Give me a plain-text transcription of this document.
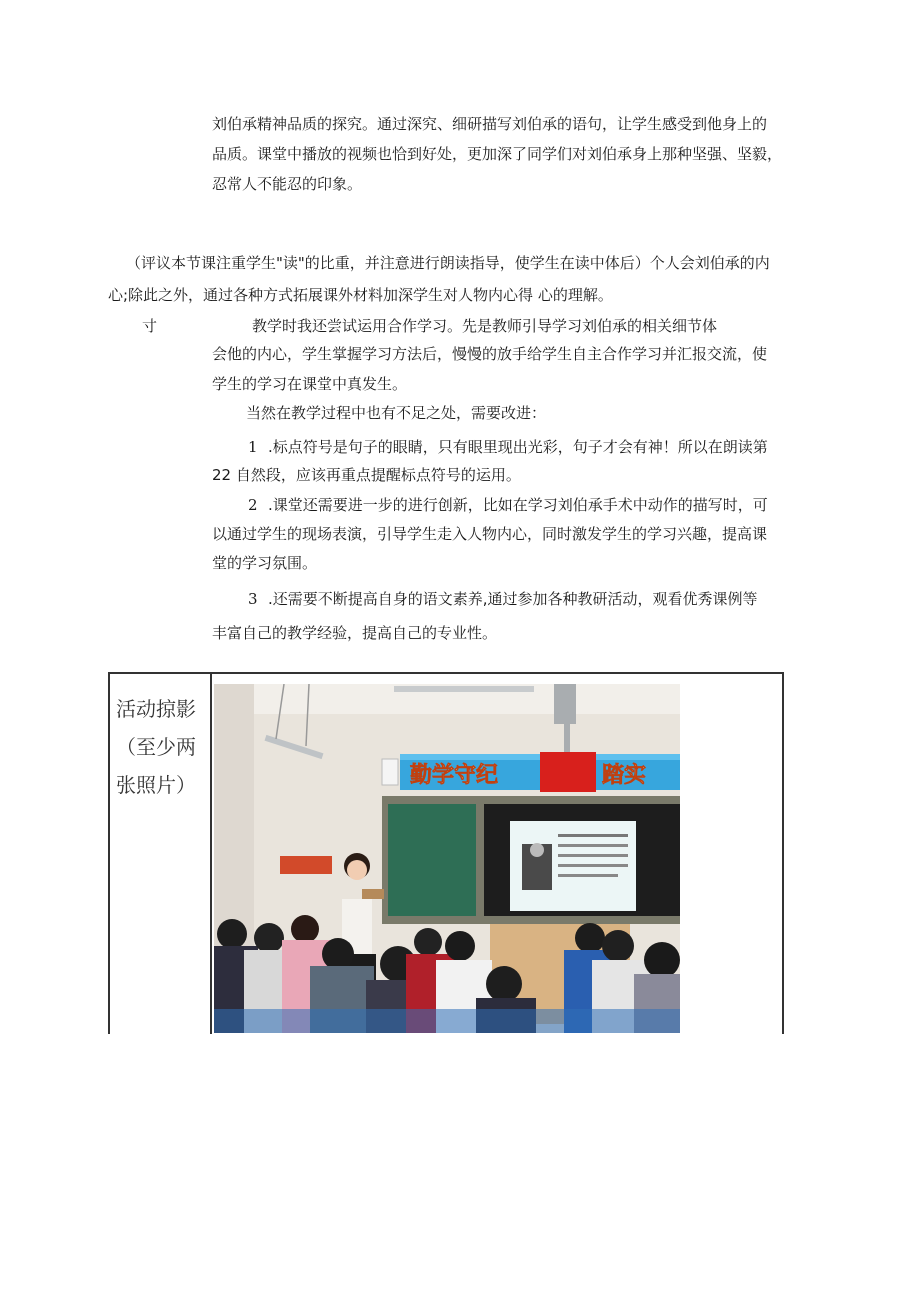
刘伯承精神品质的探究。通过深究、细研描写刘伯承的语句，让学生感受到他身上的
品质。课堂中播放的视频也恰到好处，更加深了同学们对刘伯承身上那种坚强、坚毅，
忍常人不能忍的印象。
（评议本节课注重学生"读"的比重，并注意进行朗读指导，使学生在读中体后）个人会刘伯承的内
心;除此之外，通过各种方式拓展课外材料加深学生对人物内心得 心的理解。
寸	教学时我还尝试运用合作学习。先是教师引导学习刘伯承的相关细节体
会他的内心，学生掌握学习方法后，慢慢的放手给学生自主合作学习并汇报交流，使
学生的学习在课堂中真发生。
当然在教学过程中也有不足之处，需要改进：
1 .标点符号是句子的眼睛，只有眼里现出光彩，句子才会有神！所以在朗读第
22 自然段，应该再重点提醒标点符号的运用。
2 .课堂还需要进一步的进行创新，比如在学习刘伯承手术中动作的描写时，可
以通过学生的现场表演，引导学生走入人物内心，同时激发学生的学习兴趣，提高课
堂的学习氛围。
3 .还需要不断提高自身的语文素养,通过参加各种教研活动，观看优秀课例等
丰富自己的教学经验，提高自己的专业性。
活动掠影
（至少两
张照片）	勤学守纪	踏实
